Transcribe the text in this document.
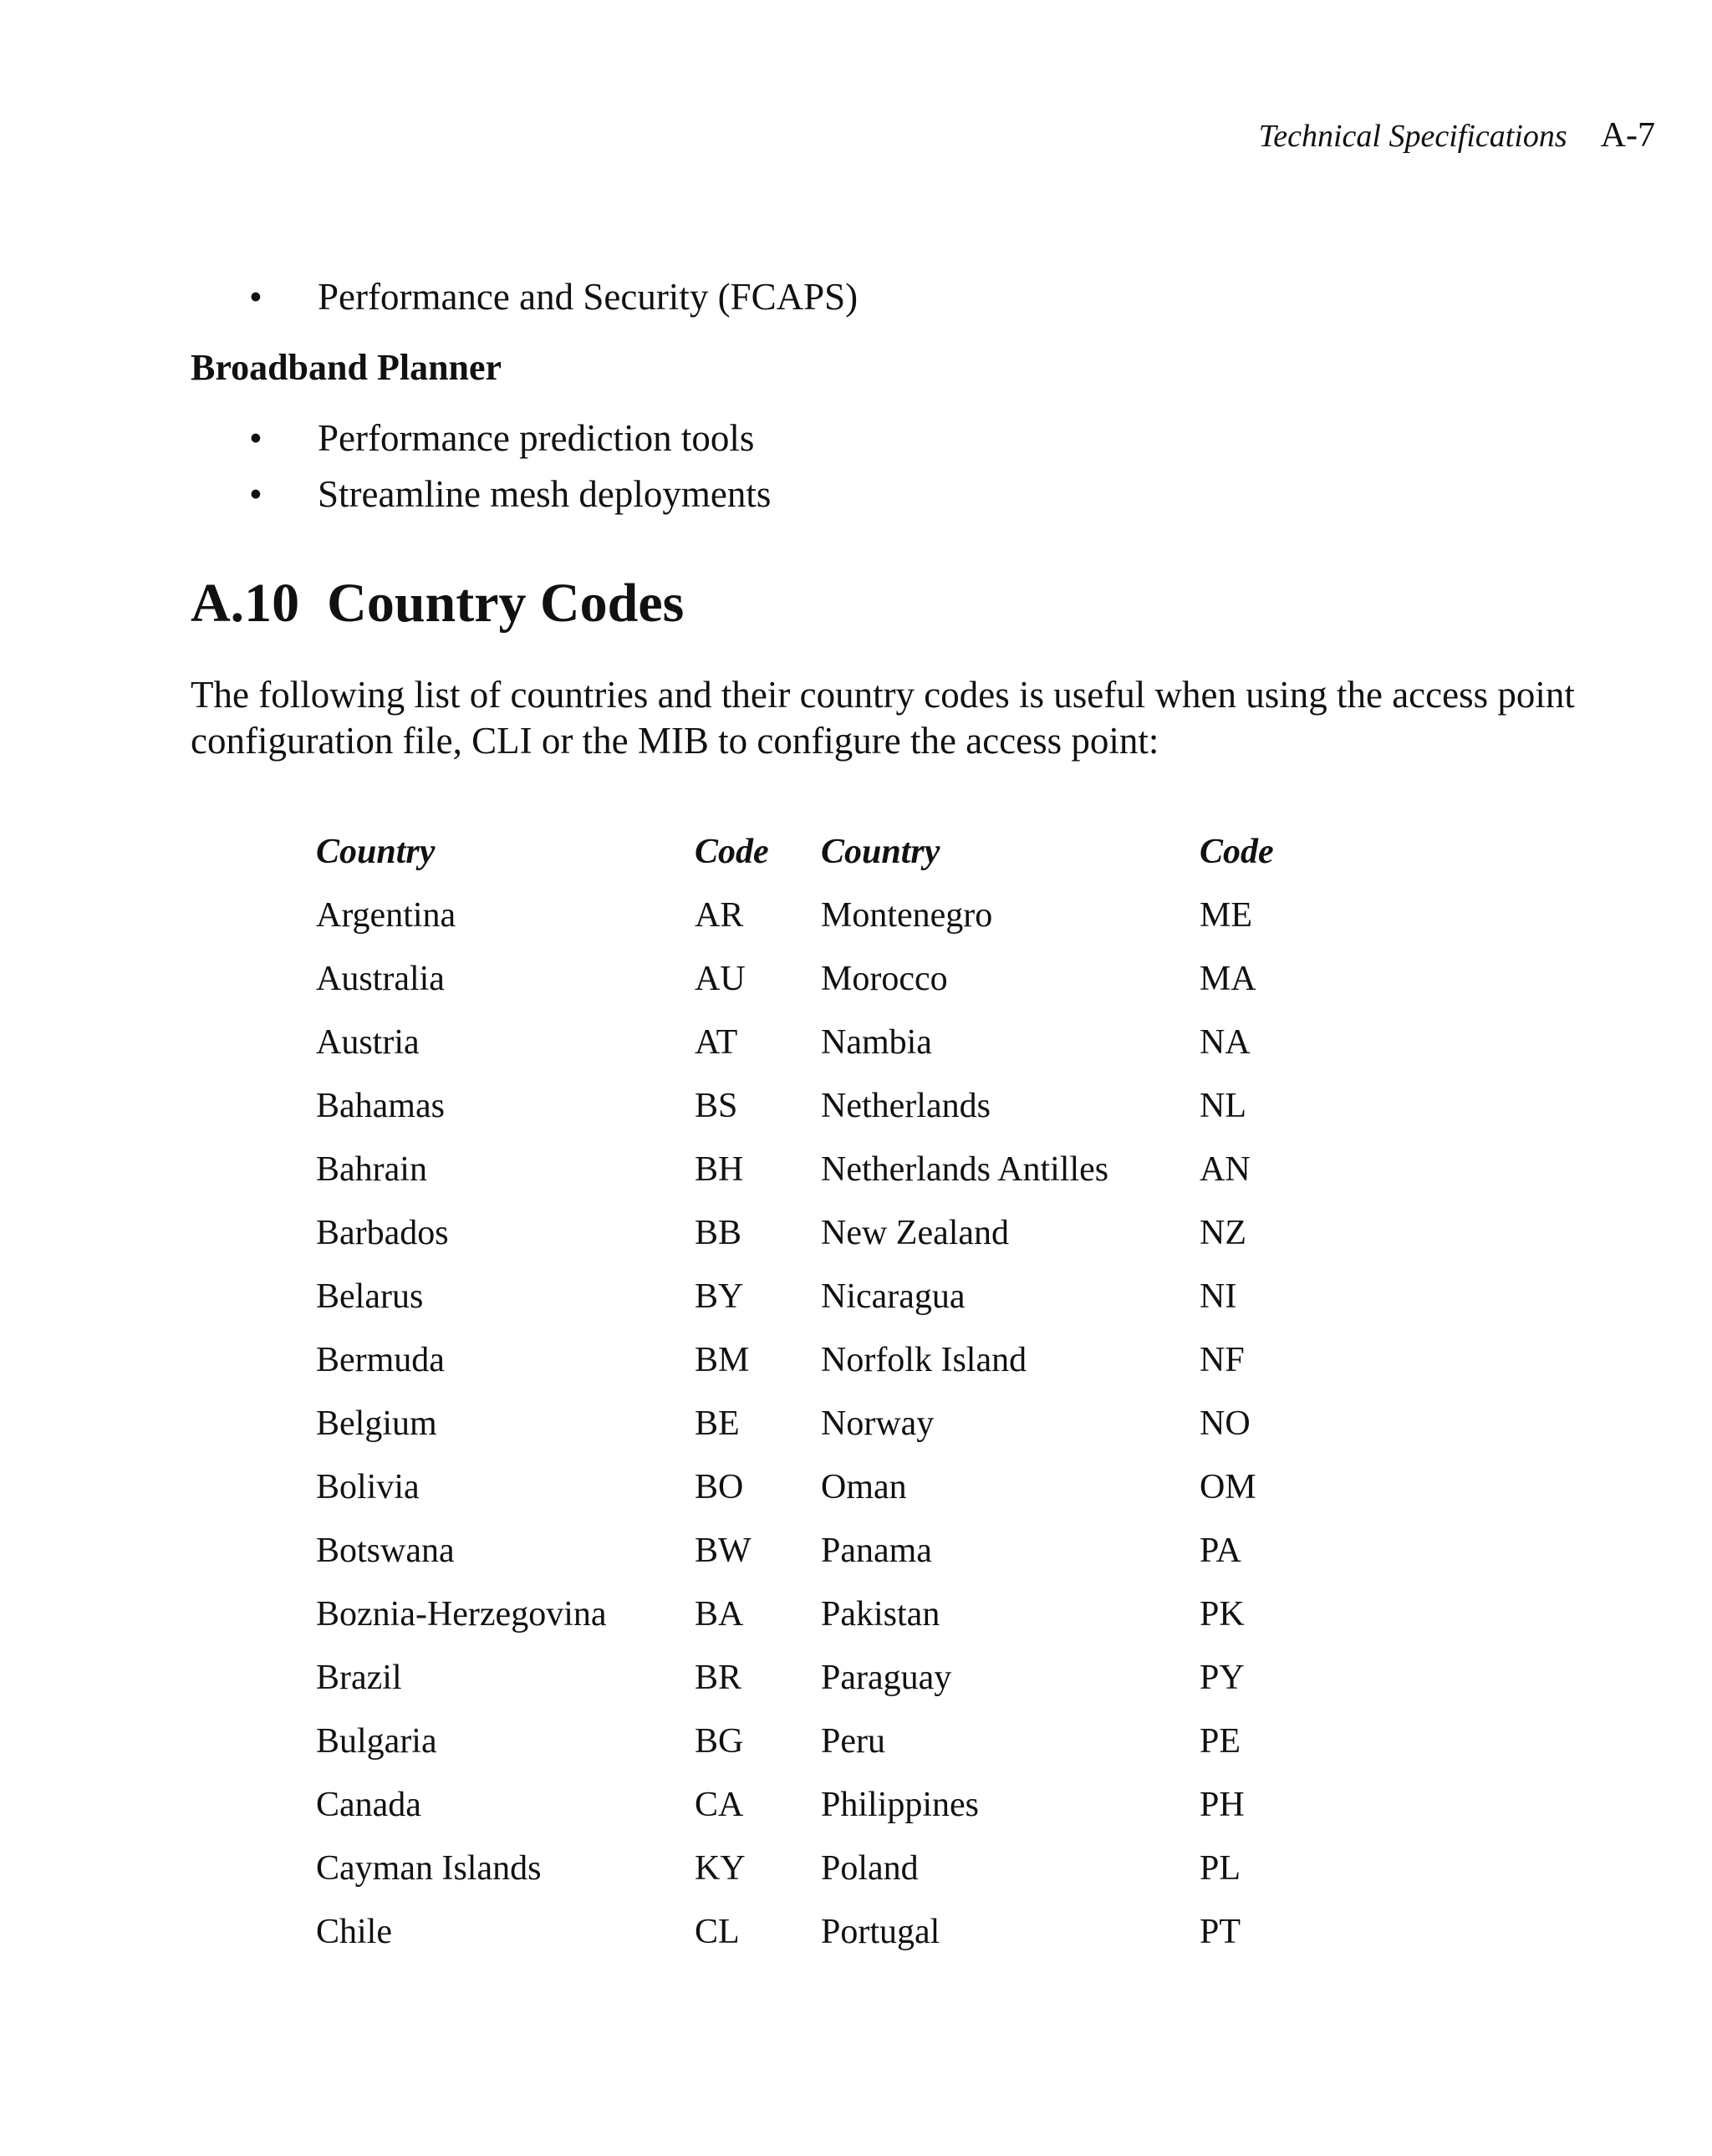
Technical Specifications A-7
• Performance and Security (FCAPS)
Broadband Planner
• Performance prediction tools
• Streamline mesh deployments
A.10 Country Codes

The following list of countries and their country codes is useful when using the access point configuration file, CLI or the MIB to configure the access point:

Country	Code	Country	Code
Argentina	AR	Montenegro	ME
Australia	AU	Morocco	MA
Austria	AT	Nambia	NA
Bahamas	BS	Netherlands	NL
Bahrain	BH	Netherlands Antilles	AN
Barbados	BB	New Zealand	NZ
Belarus	BY	Nicaragua	NI
Bermuda	BM	Norfolk Island	NF
Belgium	BE	Norway	NO
Bolivia	BO	Oman	OM
Botswana	BW	Panama	PA
Boznia-Herzegovina	BA	Pakistan	PK
Brazil	BR	Paraguay	PY
Bulgaria	BG	Peru	PE
Canada	CA	Philippines	PH
Cayman Islands	KY	Poland	PL
Chile	CL	Portugal	PT
